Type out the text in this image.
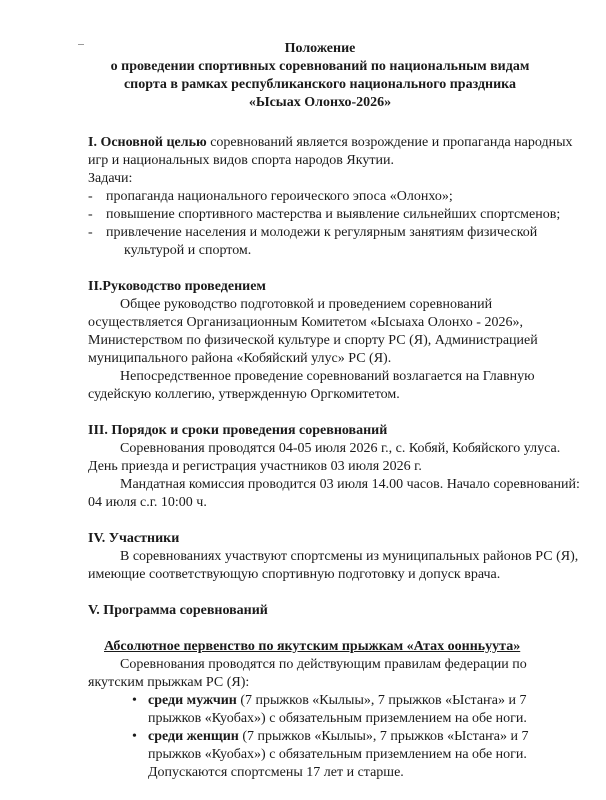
Положение
о проведении спортивных соревнований по национальным видам
спорта в рамках республиканского национального праздника
«Ысыах Олонхо-2026»
I. Основной целью соревнований является возрождение и пропаганда народных
игр и национальных видов спорта народов Якутии.
Задачи:
- пропаганда национального героического эпоса «Олонхо»;
- повышение спортивного мастерства и выявление сильнейших спортсменов;
- привлечение населения и молодежи к регулярным занятиям физической
культурой и спортом.
II.Руководство проведением
Общее руководство подготовкой и проведением соревнований
осуществляется Организационным Комитетом «Ысыаха Олонхо - 2026»,
Министерством по физической культуре и спорту РС (Я), Администрацией
муниципального района «Кобяйский улус» РС (Я).
Непосредственное проведение соревнований возлагается на Главную
судейскую коллегию, утвержденную Оргкомитетом.
III. Порядок и сроки проведения соревнований
Соревнования проводятся 04-05 июля 2026 г., с. Кобяй, Кобяйского улуса.
День приезда и регистрация участников 03 июля 2026 г.
Мандатная комиссия проводится 03 июля 14.00 часов. Начало соревнований:
04 июля с.г. 10:00 ч.
IV. Участники
В соревнованиях участвуют спортсмены из муниципальных районов РС (Я),
имеющие соответствующую спортивную подготовку и допуск врача.
V. Программа соревнований
Абсолютное первенство по якутским прыжкам «Атах оонньуута»
Соревнования проводятся по действующим правилам федерации по
якутским прыжкам РС (Я):
• среди мужчин (7 прыжков «Кылыы», 7 прыжков «Ыстаҥа» и 7
прыжков «Куобах») с обязательным приземлением на обе ноги.
• среди женщин (7 прыжков «Кылыы», 7 прыжков «Ыстаҥа» и 7
прыжков «Куобах») с обязательным приземлением на обе ноги.
Допускаются спортсмены 17 лет и старше.
